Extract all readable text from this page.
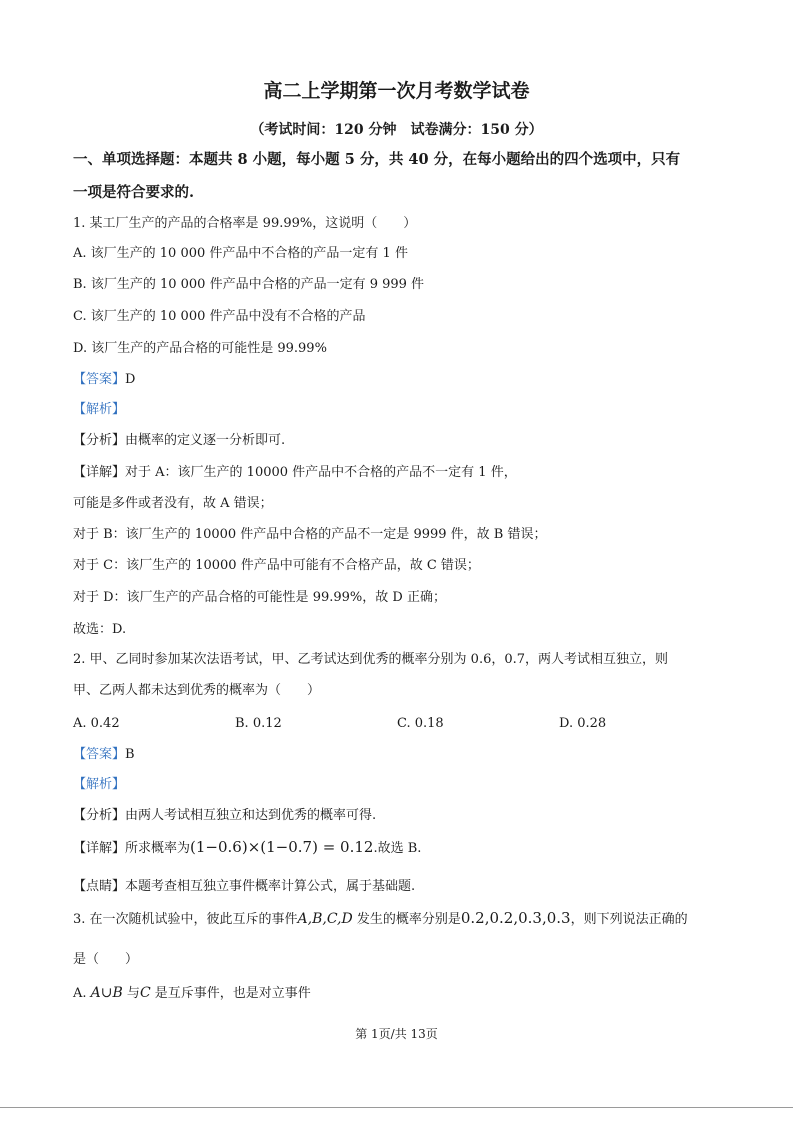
高二上学期第一次月考数学试卷
（考试时间：120 分钟　试卷满分：150 分）
一、单项选择题：本题共 8 小题，每小题 5 分，共 40 分，在每小题给出的四个选项中，只有
一项是符合要求的.
1. 某工厂生产的产品的合格率是 99.99%，这说明（　　）
A. 该厂生产的 10 000 件产品中不合格的产品一定有 1 件
B. 该厂生产的 10 000 件产品中合格的产品一定有 9 999 件
C. 该厂生产的 10 000 件产品中没有不合格的产品
D. 该厂生产的产品合格的可能性是 99.99%
【答案】D
【解析】
【分析】由概率的定义逐一分析即可.
【详解】对于 A：该厂生产的 10000 件产品中不合格的产品不一定有 1 件，
可能是多件或者没有，故 A 错误；
对于 B：该厂生产的 10000 件产品中合格的产品不一定是 9999 件，故 B 错误；
对于 C：该厂生产的 10000 件产品中可能有不合格产品，故 C 错误；
对于 D：该厂生产的产品合格的可能性是 99.99%，故 D 正确；
故选：D.
2. 甲、乙同时参加某次法语考试，甲、乙考试达到优秀的概率分别为 0.6，0.7，两人考试相互独立，则
甲、乙两人都未达到优秀的概率为（　　）
A. 0.42	B. 0.12	C. 0.18	D. 0.28
【答案】B
【解析】
【分析】由两人考试相互独立和达到优秀的概率可得.
【详解】所求概率为(1−0.6)×(1−0.7) = 0.12.故选 B.
【点睛】本题考查相互独立事件概率计算公式，属于基础题.
3. 在一次随机试验中，彼此互斥的事件A,B,C,D 发生的概率分别是0.2,0.2,0.3,0.3，则下列说法正确的
是（　　）
A. A∪B 与C 是互斥事件，也是对立事件
第 1页/共 13页
